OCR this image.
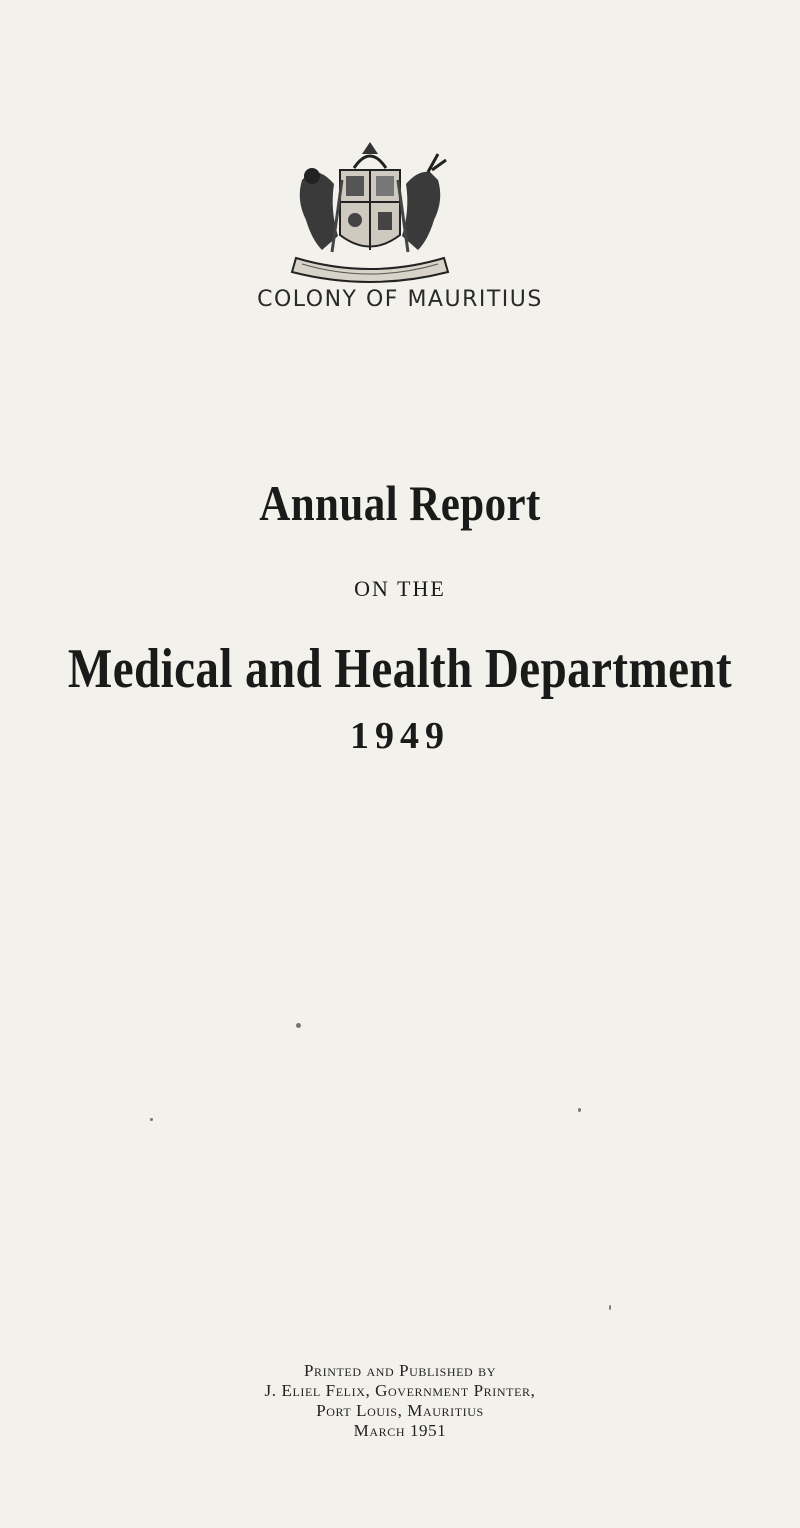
COLONY OF MAURITIUS
Annual Report
ON THE
Medical and Health Department
1949
Printed and Published by
J. Eliel Felix, Government Printer,
Port Louis, Mauritius
March 1951
